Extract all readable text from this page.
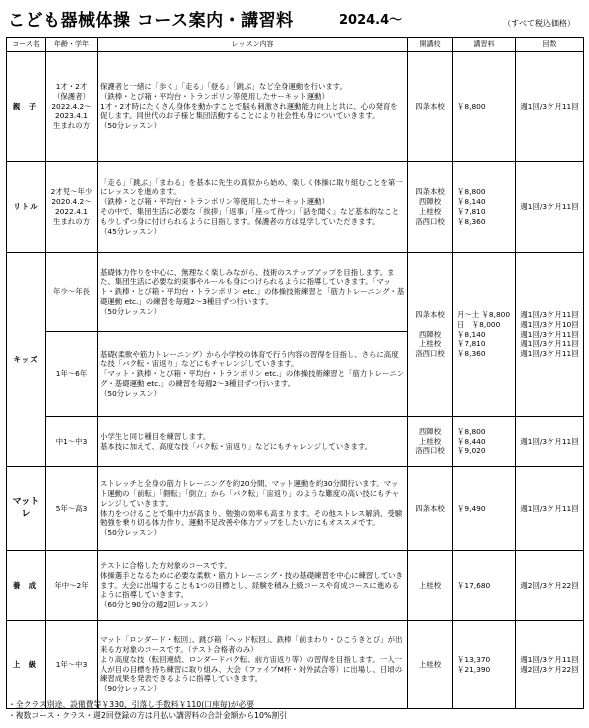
こども器械体操 コース案内・講習料	2024.4～	（すべて税込価格）
コース名	年齢・学年	レッスン内容	開講校	講習料	回数
親 子	1才・2才
（保護者）
2022.4.2～
2023.4.1
生まれの方	保護者と一緒に「歩く」「走る」「登る」「跳ぶ」など全身運動を行います。
（鉄棒・とび箱・平均台・トランポリン等使用したサーキット運動）
1才・2才時にたくさん身体を動かすことで脳も刺激され運動能力向上と共に、心の発育を促します。同世代のお子様と集団活動することにより社会性も身についていきます。
（50分レッスン）	四条本校	￥8,800	週1回/3ケ月11回

リトル	2才児～年少
2020.4.2～
2022.4.1
生まれの方	「走る」「跳ぶ」「まわる」を基本に先生の真似から始め、楽しく体操に取り組むことを第一にレッスンを進めます。
（鉄棒・とび箱・平均台・トランポリン等使用したサーキット運動）
その中で、集団生活に必要な「挨拶」「返事」「座って待つ」「話を聞く」など基本的なことも少しずつ身に付けられるように目指します。保護者の方は見学していただきます。
（45分レッスン）	四条本校
西陣校
上桂校
洛西口校	￥8,800
￥8,140
￥7,810
￥8,360	週1回/3ケ月11回

キッズ	年少～年長	基礎体力作りを中心に、無理なく楽しみながら、技術のステップアップを目指します。また、集団生活に必要な約束事やルールも身につけられるように指導していきます。「マット・鉄棒・とび箱・平均台・トランポリン etc.」の体操技術練習と「筋力トレーニング・基礎運動 etc.」の練習を毎週2～3種目ずつ行います。
（50分レッスン）	四条本校
西陣校
上桂校
洛西口校	月～土 ￥8,800
日　￥8,000
￥8,140
￥7,810
￥8,360	週1回/3ケ月11回
週1回/3ケ月10回
週1回/3ケ月11回
週1回/3ケ月11回
週1回/3ケ月11回

	1年～6年	基礎(柔軟や筋力トレーニング）から小学校の体育で行う内容の習得を目指し、さらに高度な技「バク転・宙返り」などにもチャレンジしていきます。
「マット・鉄棒・とび箱・平均台・トランポリン etc.」の体操技術練習と「筋力トレーニング・基礎運動 etc.」の練習を毎週2～3種目ずつ行います。
（50分レッスン）			

	中1～中3	小学生と同じ種目を練習します。
基本技に加えて、高度な技「バク転・宙返り」などにもチャレンジしていきます。	西陣校
上桂校
洛西口校	￥8,800
￥8,440
￥9,020	週1回/3ケ月11回

マットレ	5年～高3	ストレッチと全身の筋力トレーニングを約20分間、マット運動を約30分間行います。マット運動の「前転」「側転」「倒立」から「バク転」「宙返り」のような難度の高い技にもチャレンジしていきます。
体力をつけることで集中力が高まり、勉強の効率も高まります。その他ストレス解消、受験勉強を乗り切る体力作り、運動不足改善や体力アップをしたい方にもオススメです。
（50分レッスン）	四条本校	￥9,490	週1回/3ケ月11回

養 成	年中～2年	テストに合格した方対象のコースです。
体操選手となるために必要な柔軟・筋力トレーニング・技の基礎練習を中心に練習していきます。大会に出場することも1つの目標とし、経験を積み上級コースや育成コースに進めるように指導していきます。
（60分と90分の週2回レッスン）	上桂校	￥17,680	週2回/3ケ月22回

上 級	1年～中3	マット「ロンダード・転回」、跳び箱「ヘッド転回」、鉄棒「前まわり・ひこうきとび」が出来る方対象のコースです。（テスト合格者のみ）
より高度な技（転回連続、ロンダードバク転、前方宙返り等）の習得を目指します。一人一人が目の目標を持ち練習に取り組み、大会（ファイブM杯・対外試合等）に出場し、日頃の練習成果を発表できるように指導していきます。
（90分レッスン）	上桂校	￥13,370
￥21,390	週1回/3ケ月11回
週2回/3ケ月22回
・全クラス別途、設備費等￥330、引落し手数料￥110(口座毎)が必要
・複数コース・クラス・週2回登録の方は月払い講習料の合計金額から10%割引
